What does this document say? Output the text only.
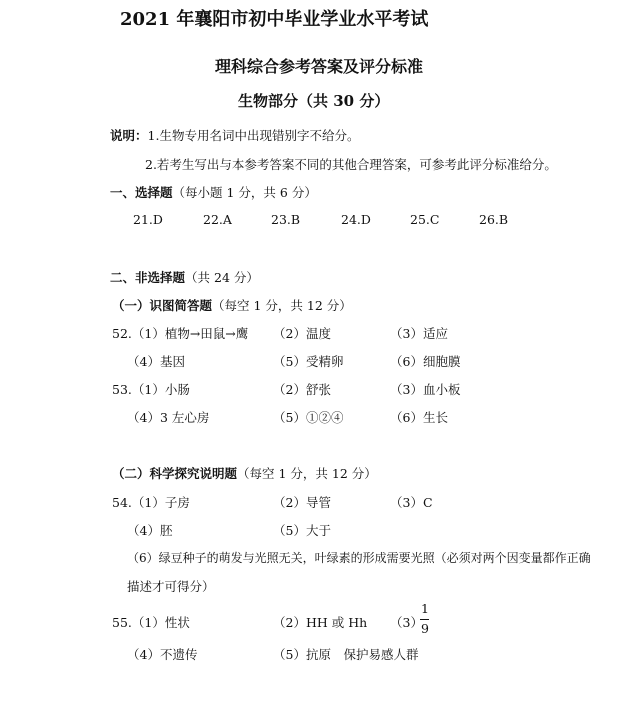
2021 年襄阳市初中毕业学业水平考试
理科综合参考答案及评分标准
生物部分（共 30 分）
说明：1.生物专用名词中出现错别字不给分。
2.若考生写出与本参考答案不同的其他合理答案，可参考此评分标准给分。
一、选择题（每小题 1 分，共 6 分）
21.D	22.A	23.B	24.D	25.C	26.B
二、非选择题（共 24 分）
（一）识图简答题（每空 1 分，共 12 分）
52.（1）植物→田鼠→鹰 （2）温度	（3）适应
（4）基因	（5）受精卵	（6）细胞膜
53.（1）小肠	（2）舒张	（3）血小板
（4）3 左心房	（5）①②④	（6）生长
（二）科学探究说明题（每空 1 分，共 12 分）
54.（1）子房	（2）导管	（3）C
（4）胚	（5）大于
（6）绿豆种子的萌发与光照无关，叶绿素的形成需要光照（必须对两个因变量都作正确
描述才可得分）
55.（1）性状	（2）HH 或 Hh （3）
1
9
（4）不遗传	（5）抗原　保护易感人群
